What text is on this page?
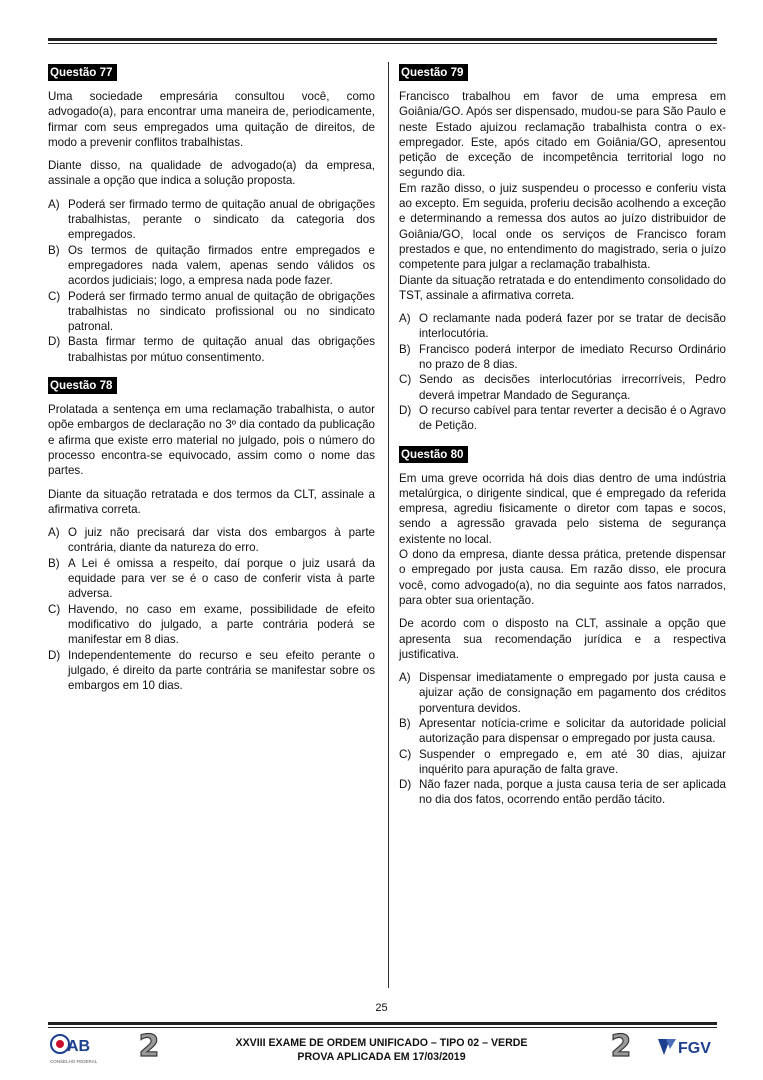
Questão 77

Uma sociedade empresária consultou você, como advogado(a), para encontrar uma maneira de, periodicamente, firmar com seus empregados uma quitação de direitos, de modo a prevenir conflitos trabalhistas.

Diante disso, na qualidade de advogado(a) da empresa, assinale a opção que indica a solução proposta.

A) Poderá ser firmado termo de quitação anual de obrigações trabalhistas, perante o sindicato da categoria dos empregados.
B) Os termos de quitação firmados entre empregados e empregadores nada valem, apenas sendo válidos os acordos judiciais; logo, a empresa nada pode fazer.
C) Poderá ser firmado termo anual de quitação de obrigações trabalhistas no sindicato profissional ou no sindicato patronal.
D) Basta firmar termo de quitação anual das obrigações trabalhistas por mútuo consentimento.
Questão 78

Prolatada a sentença em uma reclamação trabalhista, o autor opõe embargos de declaração no 3º dia contado da publicação e afirma que existe erro material no julgado, pois o número do processo encontra-se equivocado, assim como o nome das partes.

Diante da situação retratada e dos termos da CLT, assinale a afirmativa correta.

A) O juiz não precisará dar vista dos embargos à parte contrária, diante da natureza do erro.
B) A Lei é omissa a respeito, daí porque o juiz usará da equidade para ver se é o caso de conferir vista à parte adversa.
C) Havendo, no caso em exame, possibilidade de efeito modificativo do julgado, a parte contrária poderá se manifestar em 8 dias.
D) Independentemente do recurso e seu efeito perante o julgado, é direito da parte contrária se manifestar sobre os embargos em 10 dias.
Questão 79

Francisco trabalhou em favor de uma empresa em Goiânia/GO. Após ser dispensado, mudou-se para São Paulo e neste Estado ajuizou reclamação trabalhista contra o ex-empregador. Este, após citado em Goiânia/GO, apresentou petição de exceção de incompetência territorial logo no segundo dia.

Em razão disso, o juiz suspendeu o processo e conferiu vista ao excepto. Em seguida, proferiu decisão acolhendo a exceção e determinando a remessa dos autos ao juízo distribuidor de Goiânia/GO, local onde os serviços de Francisco foram prestados e que, no entendimento do magistrado, seria o juízo competente para julgar a reclamação trabalhista.

Diante da situação retratada e do entendimento consolidado do TST, assinale a afirmativa correta.

A) O reclamante nada poderá fazer por se tratar de decisão interlocutória.
B) Francisco poderá interpor de imediato Recurso Ordinário no prazo de 8 dias.
C) Sendo as decisões interlocutórias irrecorríveis, Pedro deverá impetrar Mandado de Segurança.
D) O recurso cabível para tentar reverter a decisão é o Agravo de Petição.
Questão 80

Em uma greve ocorrida há dois dias dentro de uma indústria metalúrgica, o dirigente sindical, que é empregado da referida empresa, agrediu fisicamente o diretor com tapas e socos, sendo a agressão gravada pelo sistema de segurança existente no local.

O dono da empresa, diante dessa prática, pretende dispensar o empregado por justa causa. Em razão disso, ele procura você, como advogado(a), no dia seguinte aos fatos narrados, para obter sua orientação.

De acordo com o disposto na CLT, assinale a opção que apresenta sua recomendação jurídica e a respectiva justificativa.

A) Dispensar imediatamente o empregado por justa causa e ajuizar ação de consignação em pagamento dos créditos porventura devidos.
B) Apresentar notícia-crime e solicitar da autoridade policial autorização para dispensar o empregado por justa causa.
C) Suspender o empregado e, em até 30 dias, ajuizar inquérito para apuração de falta grave.
D) Não fazer nada, porque a justa causa teria de ser aplicada no dia dos fatos, ocorrendo então perdão tácito.
25
AB
CONSELHO FEDERAL 2	XXVIII EXAME DE ORDEM UNIFICADO – TIPO 02 – VERDE
PROVA APLICADA EM 17/03/2019	2	FGV
